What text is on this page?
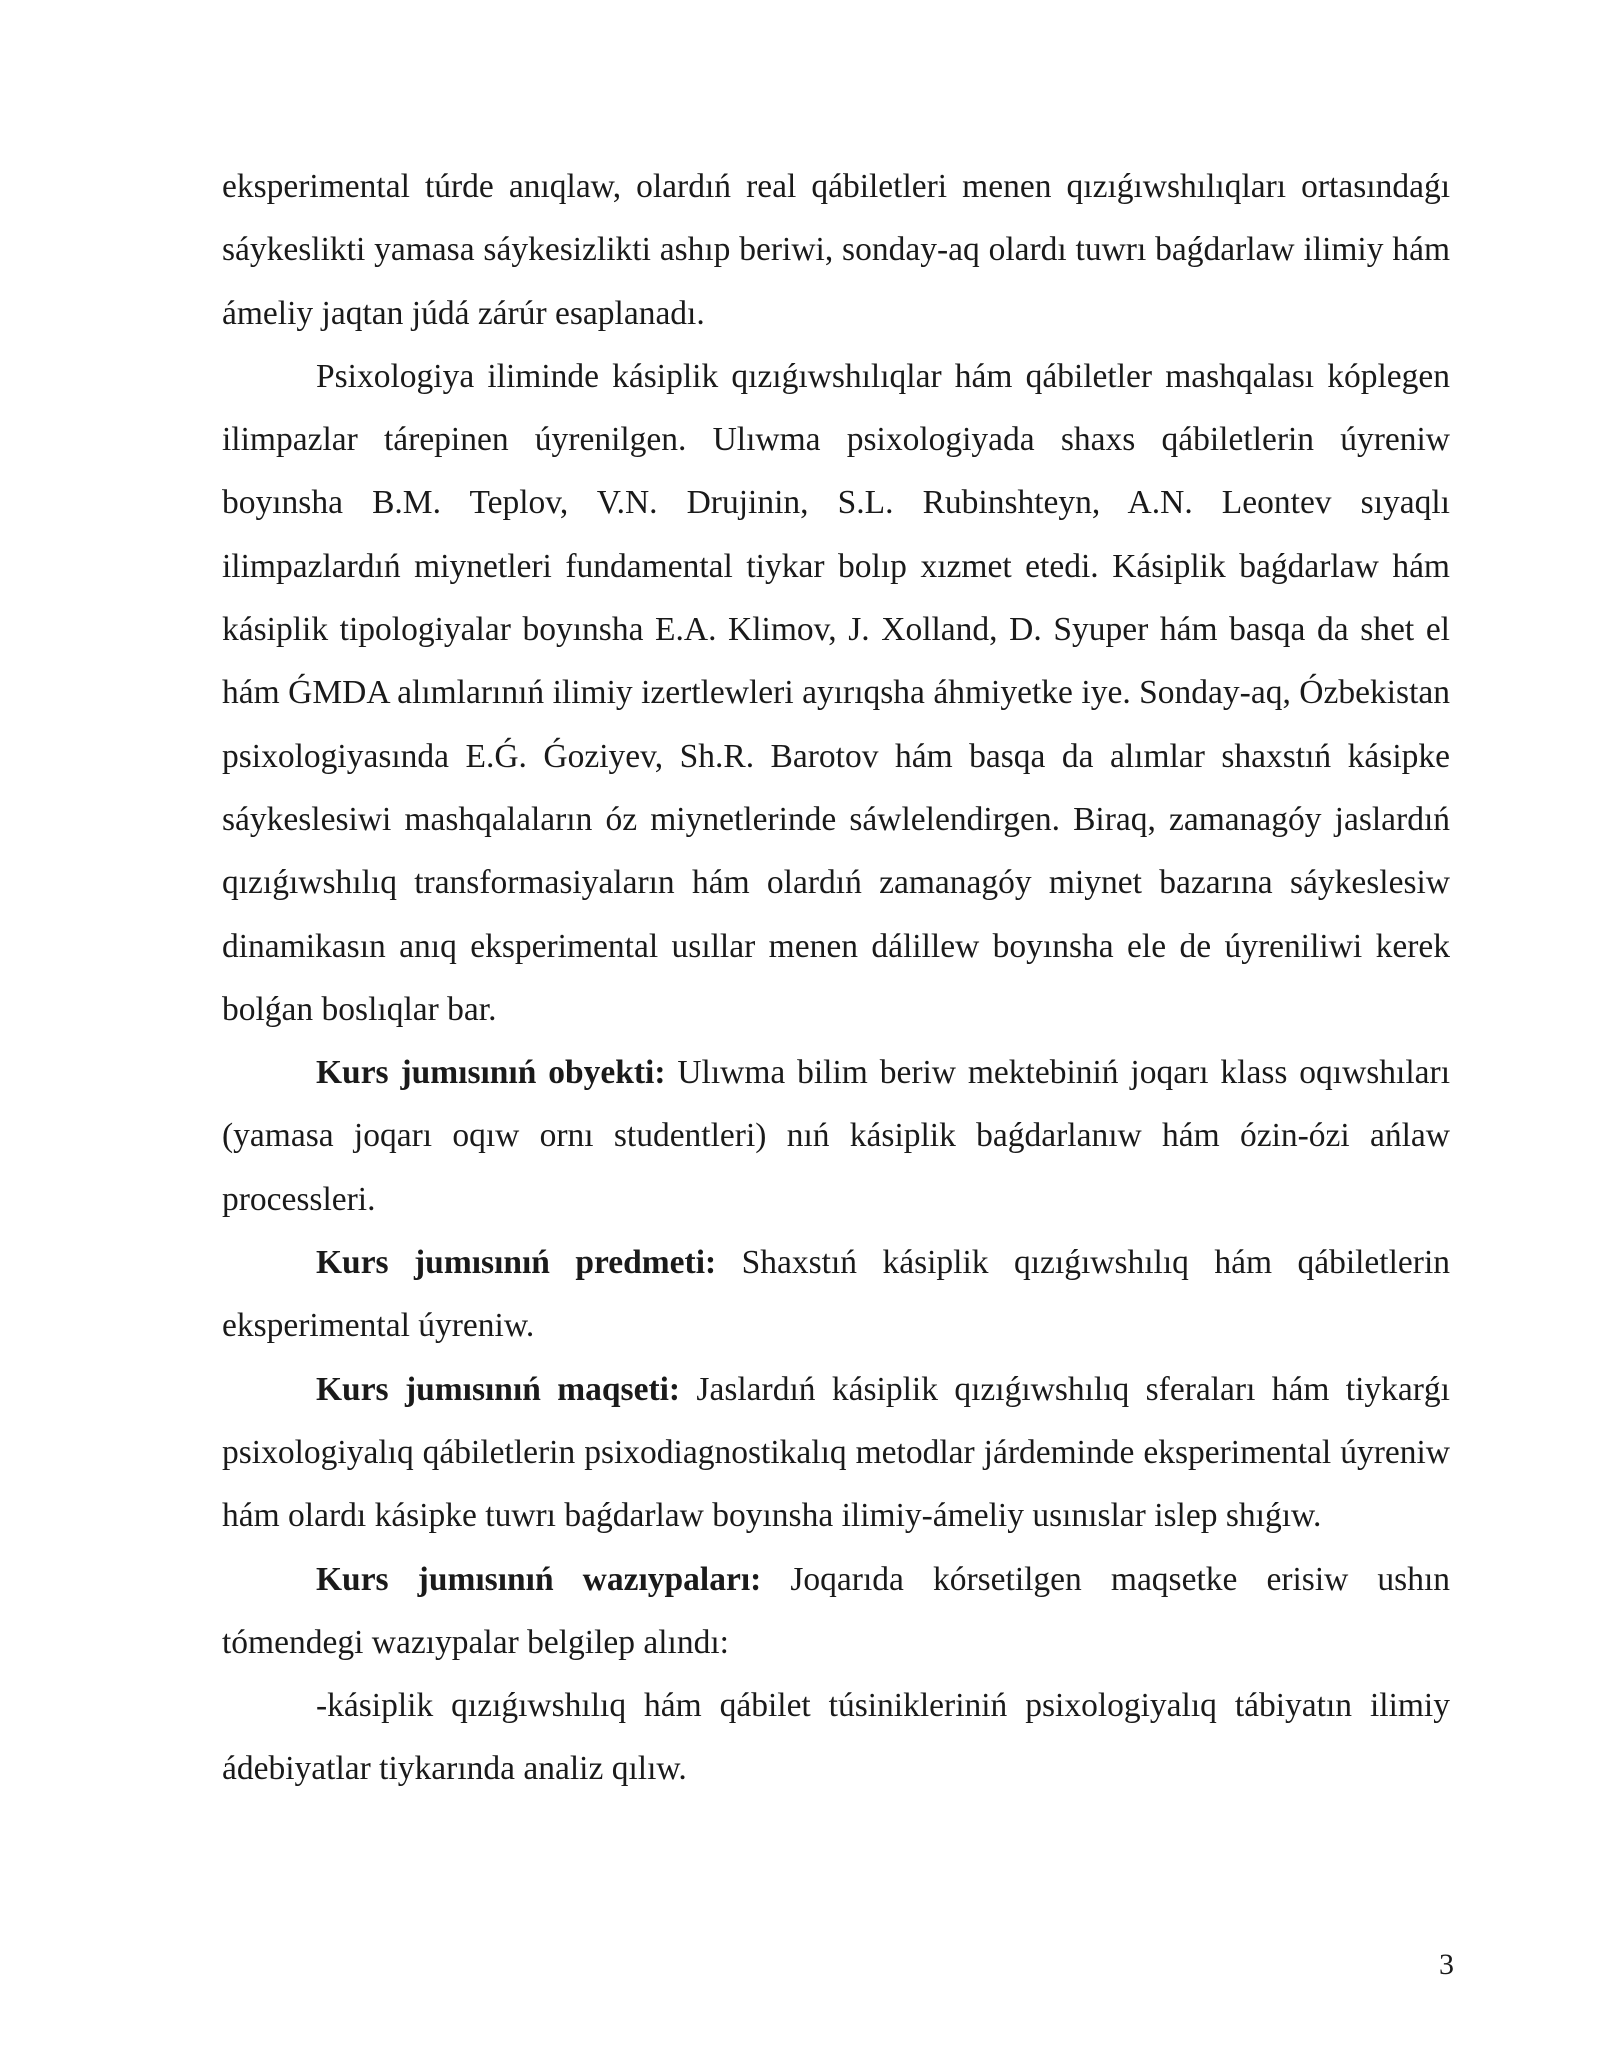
eksperimental túrde anıqlaw, olardıń real qábiletleri menen qızıǵıwshılıqları ortasındaǵı sáykeslikti yamasa sáykesizlikti ashıp beriwi, sonday-aq olardı tuwrı baǵdarlaw ilimiy hám ámeliy jaqtan júdá zárúr esaplanadı.

Psixologiya iliminde kásiplik qızıǵıwshılıqlar hám qábiletler mashqalası kóplegen ilimpazlar tárepinen úyrenilgen. Ulıwma psixologiyada shaxs qábiletlerin úyreniw boyınsha B.M. Teplov, V.N. Drujinin, S.L. Rubinshteyn, A.N. Leontev sıyaqlı ilimpazlardıń miynetleri fundamental tiykar bolıp xızmet etedi. Kásiplik baǵdarlaw hám kásiplik tipologiyalar boyınsha E.A. Klimov, J. Xolland, D. Syuper hám basqa da shet el hám ǴMDA alımlarınıń ilimiy izertlewleri ayırıqsha áhmiyetke iye. Sonday-aq, Ózbekistan psixologiyasında E.Ǵ. Ǵoziyev, Sh.R. Barotov hám basqa da alımlar shaxstıń kásipke sáykeslesiwi mashqalaların óz miynetlerinde sáwlelendirgen. Biraq, zamanagóy jaslardıń qızıǵıwshılıq transformasiyaların hám olardıń zamanagóy miynet bazarına sáykeslesiw dinamikasın anıq eksperimental usıllar menen dálillew boyınsha ele de úyreniliwi kerek bolǵan boslıqlar bar.

Kurs jumısınıń obyekti: Ulıwma bilim beriw mektebiniń joqarı klass oqıwshıları (yamasa joqarı oqıw ornı studentleri) nıń kásiplik baǵdarlanıw hám ózin-ózi ańlaw processleri.

Kurs jumısınıń predmeti: Shaxstıń kásiplik qızıǵıwshılıq hám qábiletlerin eksperimental úyreniw.

Kurs jumısınıń maqseti: Jaslardıń kásiplik qızıǵıwshılıq sferaları hám tiykarǵı psixologiyalıq qábiletlerin psixodiagnostikalıq metodlar járdeminde eksperimental úyreniw hám olardı kásipke tuwrı baǵdarlaw boyınsha ilimiy-ámeliy usınıslar islep shıǵıw.

Kurs jumısınıń wazıypaları: Joqarıda kórsetilgen maqsetke erisiw ushın tómendegi wazıypalar belgilep alındı:

-kásiplik qızıǵıwshılıq hám qábilet túsinikleriniń psixologiyalıq tábiyatın ilimiy ádebiyatlar tiykarında analiz qılıw.

3
